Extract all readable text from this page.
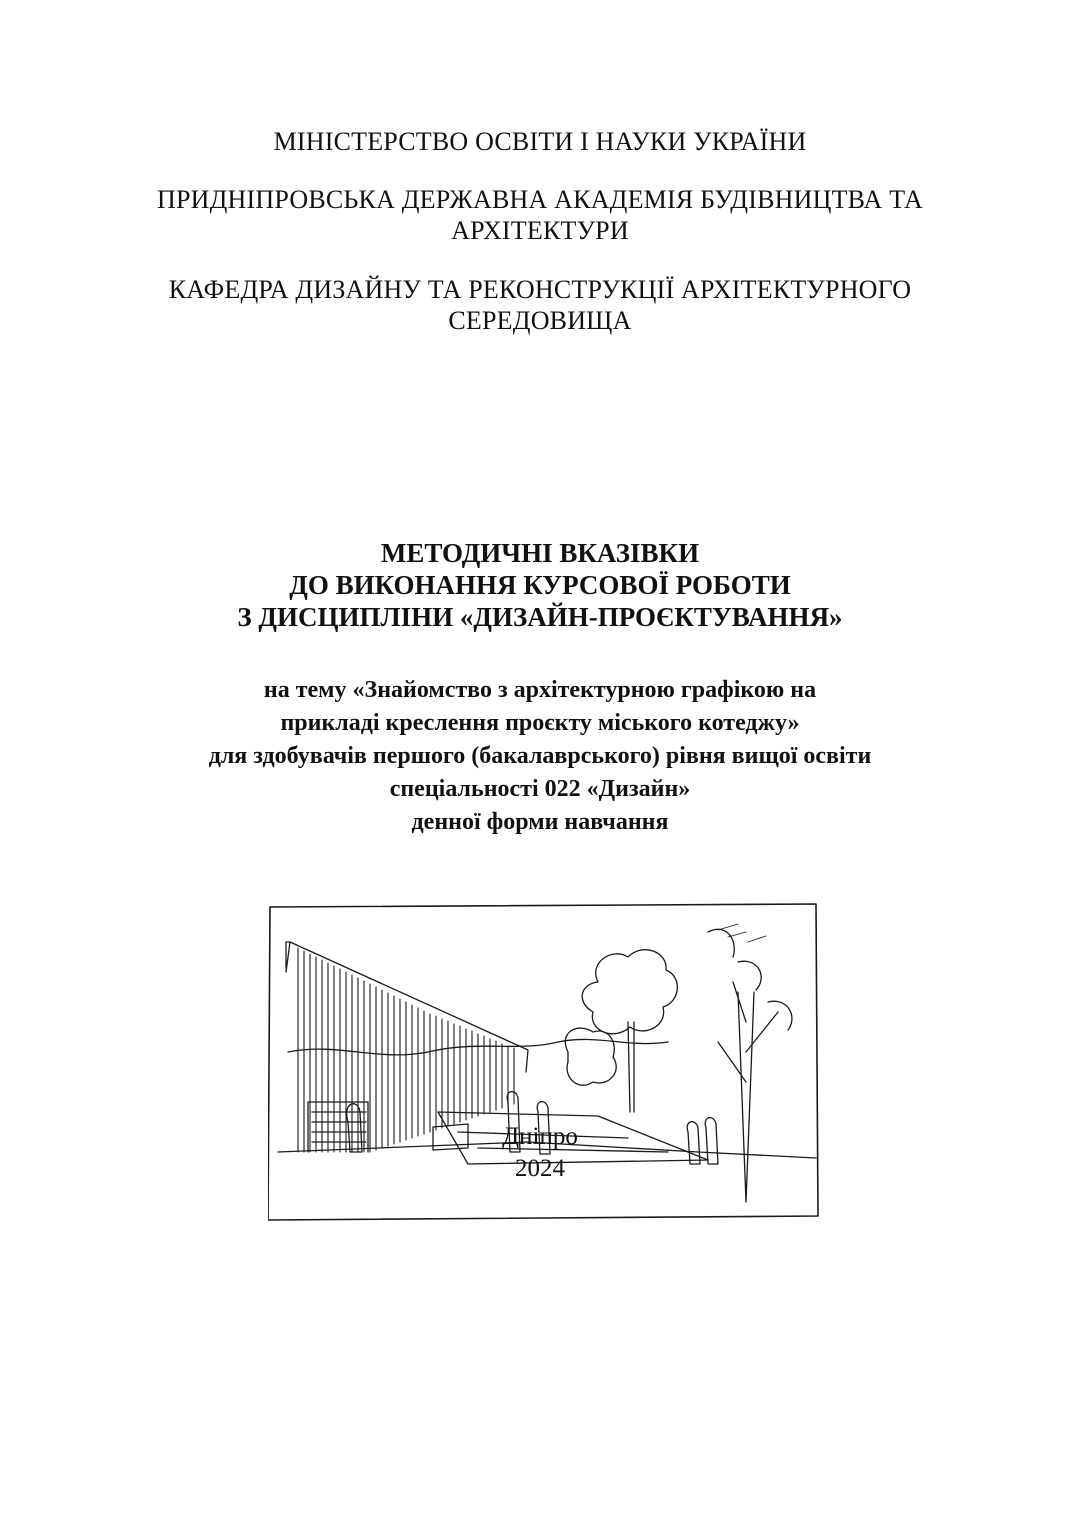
МІНІСТЕРСТВО ОСВІТИ І НАУКИ УКРАЇНИ
ПРИДНІПРОВСЬКА ДЕРЖАВНА АКАДЕМІЯ БУДІВНИЦТВА ТА
АРХІТЕКТУРИ
КАФЕДРА ДИЗАЙНУ ТА РЕКОНСТРУКЦІЇ АРХІТЕКТУРНОГО
СЕРЕДОВИЩА
МЕТОДИЧНІ ВКАЗІВКИ
ДО ВИКОНАННЯ КУРСОВОЇ РОБОТИ
З ДИСЦИПЛІНИ «ДИЗАЙН-ПРОЄКТУВАННЯ»
на тему «Знайомство з архітектурною графікою на
прикладі креслення проєкту міського котеджу»
для здобувачів першого (бакалаврського) рівня вищої освіти
спеціальності 022 «Дизайн»
денної форми навчання
Дніпро
2024
